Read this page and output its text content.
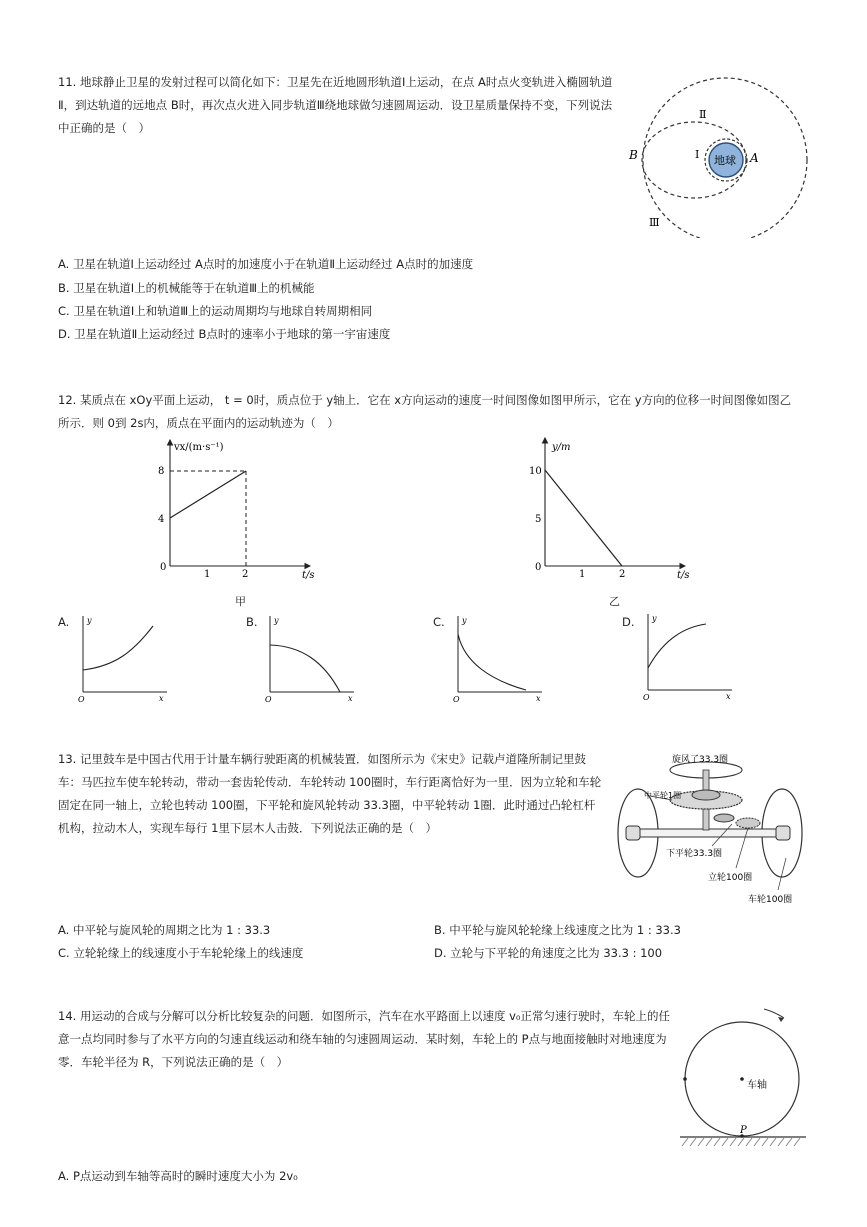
11. 地球静止卫星的发射过程可以简化如下：卫星先在近地圆形轨道Ⅰ上运动，在点 A时点火变轨进入椭圆轨道Ⅱ，到达轨道的远地点 B时，再次点火进入同步轨道Ⅲ绕地球做匀速圆周运动．设卫星质量保持不变，下列说法中正确的是（　）

地球
Ⅰ
Ⅱ
Ⅲ
B	A
A. 卫星在轨道Ⅰ上运动经过 A点时的加速度小于在轨道Ⅱ上运动经过 A点时的加速度
B. 卫星在轨道Ⅰ上的机械能等于在轨道Ⅲ上的机械能
C. 卫星在轨道Ⅰ上和轨道Ⅲ上的运动周期均与地球自转周期相同
D. 卫星在轨道Ⅱ上运动经过 B点时的速率小于地球的第一宇宙速度

12. 某质点在 xOy平面上运动， t = 0时，质点位于 y轴上．它在 x方向运动的速度一时间图像如图甲所示，它在 y方向的位移一时间图像如图乙所示．则 0到 2s内，质点在平面内的运动轨迹为（　）

vx/(m·s⁻¹)
8
4
0
1	2	t/s
甲
y/m
10
5
0
1	2	t/s
乙
A. y
x
O
B. y
x
O
C. y
x
O
D. y
x
O

13. 记里鼓车是中国古代用于计量车辆行驶距离的机械装置．如图所示为《宋史》记载卢道隆所制记里鼓车：马匹拉车使车轮转动，带动一套齿轮传动．车轮转动 100圈时，车行距离恰好为一里．因为立轮和车轮固定在同一轴上，立轮也转动 100圈，下平轮和旋风轮转动 33.3圈，中平轮转动 1圈．此时通过凸轮杠杆机构，拉动木人，实现车每行 1里下层木人击鼓．下列说法正确的是（　）

旋风了33.3圈
中平轮1圈
下平轮33.3圈
立轮100圈
车轮100圈
A. 中平轮与旋风轮的周期之比为 1 : 33.3	B. 中平轮与旋风轮轮缘上线速度之比为 1 : 33.3
C. 立轮轮缘上的线速度小于车轮轮缘上的线速度	D. 立轮与下平轮的角速度之比为 33.3 : 100

14. 用运动的合成与分解可以分析比较复杂的问题．如图所示，汽车在水平路面上以速度 v₀正常匀速行驶时，车轮上的任意一点均同时参与了水平方向的匀速直线运动和绕车轴的匀速圆周运动．某时刻，车轮上的 P点与地面接触时对地速度为零．车轮半径为 R，下列说法正确的是（　）

车轴
P
A. P点运动到车轴等高时的瞬时速度大小为 2v₀
